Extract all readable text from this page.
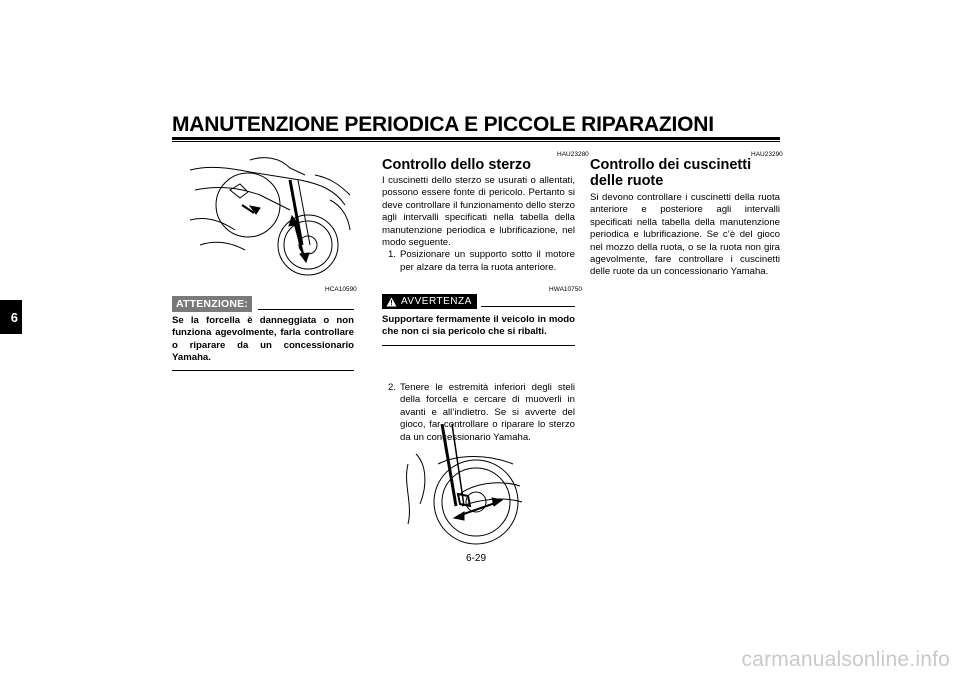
MANUTENZIONE PERIODICA E PICCOLE RIPARAZIONI
6
HCA10590
ATTENZIONE:
Se la forcella è danneggiata o non funziona agevolmente, farla controllare o riparare da un concessionario Yamaha.
HAU23280
Controllo dello sterzo
I cuscinetti dello sterzo se usurati o allentati, possono essere fonte di pericolo. Pertanto si deve controllare il funzionamento dello sterzo agli intervalli specificati nella tabella della manutenzione periodica e lubrificazione, nel modo seguente.
1. Posizionare un supporto sotto il motore per alzare da terra la ruota anteriore.
HWA10750
AVVERTENZA
Supportare fermamente il veicolo in modo che non ci sia pericolo che si ribalti.
2. Tenere le estremità inferiori degli steli della forcella e cercare di muoverli in avanti e all’indietro. Se si avverte del gioco, far controllare o riparare lo sterzo da un concessionario Yamaha.
HAU23290
Controllo dei cuscinetti delle ruote
Si devono controllare i cuscinetti della ruota anteriore e posteriore agli intervalli specificati nella tabella della manutenzione periodica e lubrificazione. Se c’è del gioco nel mozzo della ruota, o se la ruota non gira agevolmente, fare controllare i cuscinetti delle ruote da un concessionario Yamaha.
6-29
carmanualsonline.info
